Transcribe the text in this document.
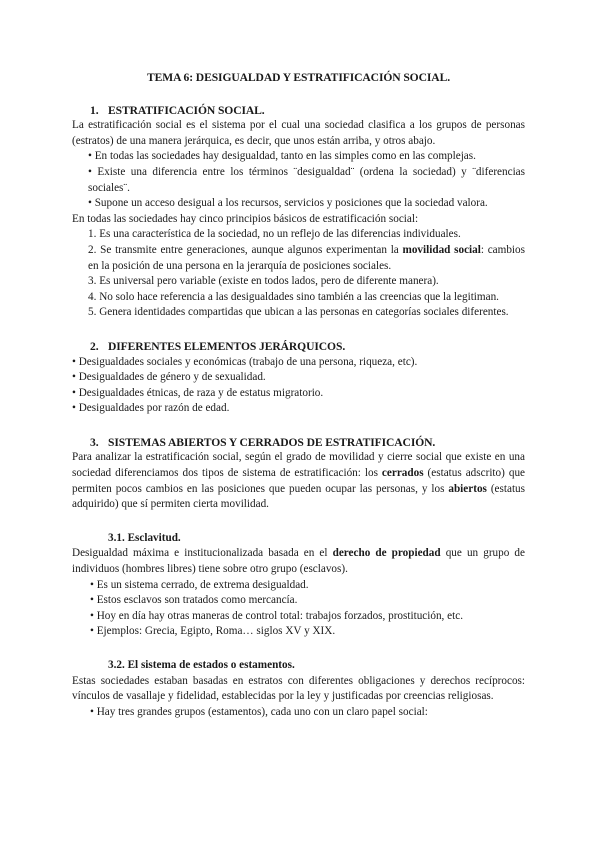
TEMA 6: DESIGUALDAD Y ESTRATIFICACIÓN SOCIAL.
1. ESTRATIFICACIÓN SOCIAL.

La estratificación social es el sistema por el cual una sociedad clasifica a los grupos de personas (estratos) de una manera jerárquica, es decir, que unos están arriba, y otros abajo.

• En todas las sociedades hay desigualdad, tanto en las simples como en las complejas.

• Existe una diferencia entre los términos ¨desigualdad¨ (ordena la sociedad) y ¨diferencias sociales¨.

• Supone un acceso desigual a los recursos, servicios y posiciones que la sociedad valora.

En todas las sociedades hay cinco principios básicos de estratificación social:

1. Es una característica de la sociedad, no un reflejo de las diferencias individuales.

2. Se transmite entre generaciones, aunque algunos experimentan la movilidad social: cambios en la posición de una persona en la jerarquía de posiciones sociales.

3. Es universal pero variable (existe en todos lados, pero de diferente manera).

4. No solo hace referencia a las desigualdades sino también a las creencias que la legitiman.

5. Genera identidades compartidas que ubican a las personas en categorías sociales diferentes.

2. DIFERENTES ELEMENTOS JERÁRQUICOS.

• Desigualdades sociales y económicas (trabajo de una persona, riqueza, etc).

• Desigualdades de género y de sexualidad.

• Desigualdades étnicas, de raza y de estatus migratorio.

• Desigualdades por razón de edad.

3. SISTEMAS ABIERTOS Y CERRADOS DE ESTRATIFICACIÓN.

Para analizar la estratificación social, según el grado de movilidad y cierre social que existe en una sociedad diferenciamos dos tipos de sistema de estratificación: los cerrados (estatus adscrito) que permiten pocos cambios en las posiciones que pueden ocupar las personas, y los abiertos (estatus adquirido) que sí permiten cierta movilidad.

3.1. Esclavitud.

Desigualdad máxima e institucionalizada basada en el derecho de propiedad que un grupo de individuos (hombres libres) tiene sobre otro grupo (esclavos).

• Es un sistema cerrado, de extrema desigualdad.

• Estos esclavos son tratados como mercancía.

• Hoy en día hay otras maneras de control total: trabajos forzados, prostitución, etc.

• Ejemplos: Grecia, Egipto, Roma… siglos XV y XIX.

3.2. El sistema de estados o estamentos.

Estas sociedades estaban basadas en estratos con diferentes obligaciones y derechos recíprocos: vínculos de vasallaje y fidelidad, establecidas por la ley y justificadas por creencias religiosas.

• Hay tres grandes grupos (estamentos), cada uno con un claro papel social:
